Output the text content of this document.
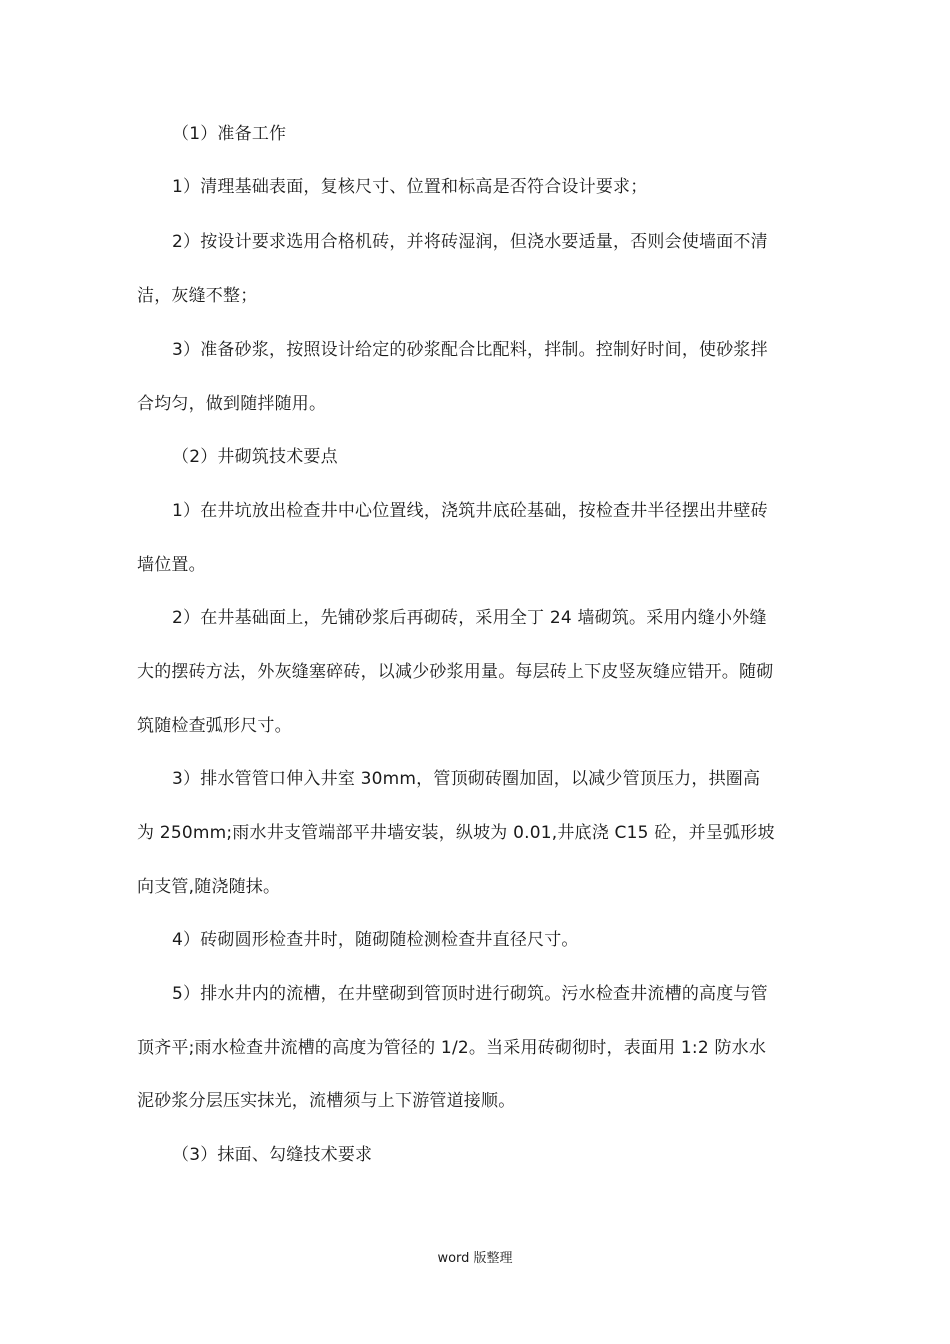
（1）准备工作
1）清理基础表面，复核尺寸、位置和标高是否符合设计要求；
2）按设计要求选用合格机砖，并将砖湿润，但浇水要适量，否则会使墙面不清
洁，灰缝不整；
3）准备砂浆，按照设计给定的砂浆配合比配料，拌制。控制好时间，使砂浆拌
合均匀，做到随拌随用。
（2）井砌筑技术要点
1）在井坑放出检查井中心位置线，浇筑井底砼基础，按检查井半径摆出井壁砖
墙位置。
2）在井基础面上，先铺砂浆后再砌砖，采用全丁 24 墙砌筑。采用内缝小外缝
大的摆砖方法，外灰缝塞碎砖，以减少砂浆用量。每层砖上下皮竖灰缝应错开。随砌
筑随检查弧形尺寸。
3）排水管管口伸入井室 30mm，管顶砌砖圈加固，以减少管顶压力，拱圈高
为 250mm;雨水井支管端部平井墙安装，纵坡为 0.01,井底浇 C15 砼，并呈弧形坡
向支管,随浇随抹。
4）砖砌圆形检查井时，随砌随检测检查井直径尺寸。
5）排水井内的流槽，在井壁砌到管顶时进行砌筑。污水检查井流槽的高度与管
顶齐平;雨水检查井流槽的高度为管径的 1/2。当采用砖砌彻时，表面用 1:2 防水水
泥砂浆分层压实抹光，流槽须与上下游管道接顺。
（3）抹面、勾缝技术要求
word 版整理
